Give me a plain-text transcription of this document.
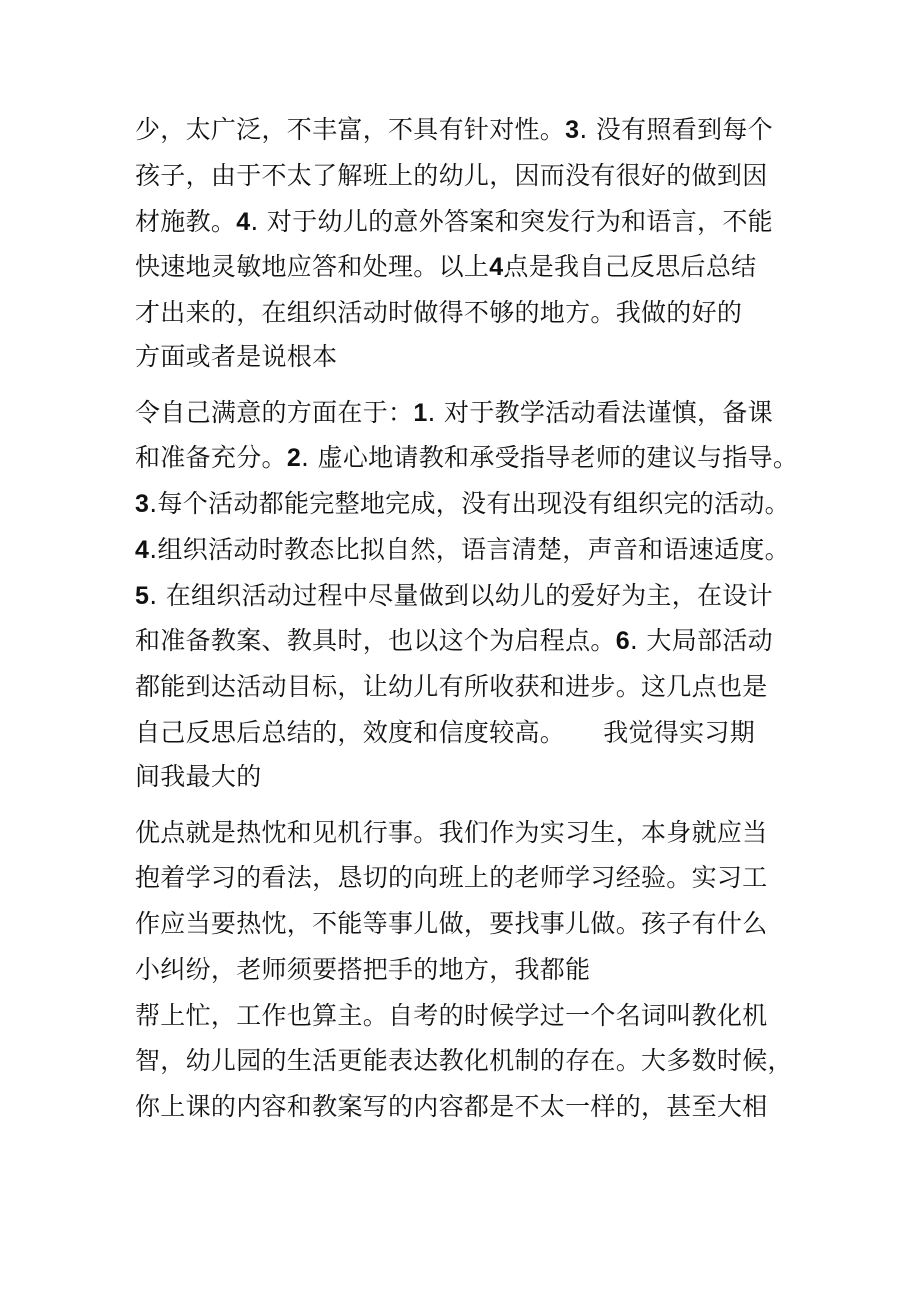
少，太广泛，不丰富，不具有针对性。3. 没有照看到每个
孩子，由于不太了解班上的幼儿，因而没有很好的做到因
材施教。4. 对于幼儿的意外答案和突发行为和语言，不能
快速地灵敏地应答和处理。以上4点是我自己反思后总结
才出来的，在组织活动时做得不够的地方。我做的好的
方面或者是说根本
令自己满意的方面在于：1. 对于教学活动看法谨慎，备课
和准备充分。2. 虚心地请教和承受指导老师的建议与指导。
3.每个活动都能完整地完成，没有出现没有组织完的活动。
4.组织活动时教态比拟自然，语言清楚，声音和语速适度。
5. 在组织活动过程中尽量做到以幼儿的爱好为主，在设计
和准备教案、教具时，也以这个为启程点。6. 大局部活动
都能到达活动目标，让幼儿有所收获和进步。这几点也是
自己反思后总结的，效度和信度较高。　　我觉得实习期
间我最大的
优点就是热忱和见机行事。我们作为实习生，本身就应当
抱着学习的看法，恳切的向班上的老师学习经验。实习工
作应当要热忱，不能等事儿做，要找事儿做。孩子有什么
小纠纷，老师须要搭把手的地方，我都能
帮上忙，工作也算主。自考的时候学过一个名词叫教化机
智，幼儿园的生活更能表达教化机制的存在。大多数时候，
你上课的内容和教案写的内容都是不太一样的，甚至大相
